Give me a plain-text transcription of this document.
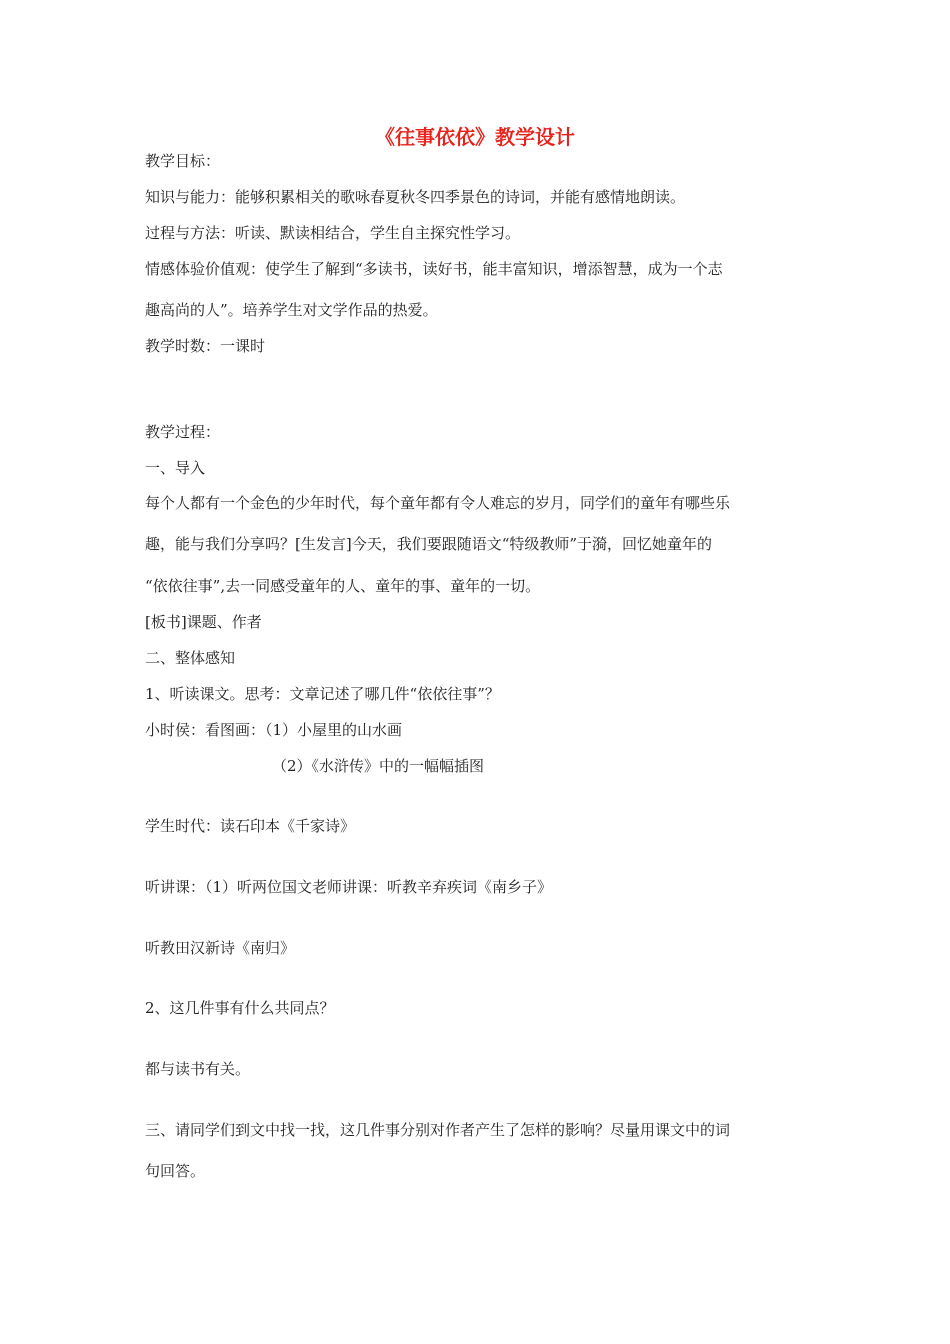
《往事依依》教学设计
教学目标：
知识与能力：能够积累相关的歌咏春夏秋冬四季景色的诗词，并能有感情地朗读。
过程与方法：听读、默读相结合，学生自主探究性学习。
情感体验价值观：使学生了解到“多读书，读好书，能丰富知识，增添智慧，成为一个志
趣高尚的人”。培养学生对文学作品的热爱。
教学时数：一课时
教学过程：
一、导入
每个人都有一个金色的少年时代，每个童年都有令人难忘的岁月，同学们的童年有哪些乐
趣，能与我们分享吗？[生发言]今天，我们要跟随语文“特级教师”于漪，回忆她童年的
“依依往事”,去一同感受童年的人、童年的事、童年的一切。
[板书]课题、作者
二、整体感知
1、听读课文。思考：文章记述了哪几件“依依往事”？
小时侯：看图画：（1）小屋里的山水画
（2）《水浒传》中的一幅幅插图
学生时代：读石印本《千家诗》
听讲课：（1）听两位国文老师讲课：听教辛弃疾词《南乡子》
听教田汉新诗《南归》
2、这几件事有什么共同点？
都与读书有关。
三、请同学们到文中找一找，这几件事分别对作者产生了怎样的影响？尽量用课文中的词
句回答。
